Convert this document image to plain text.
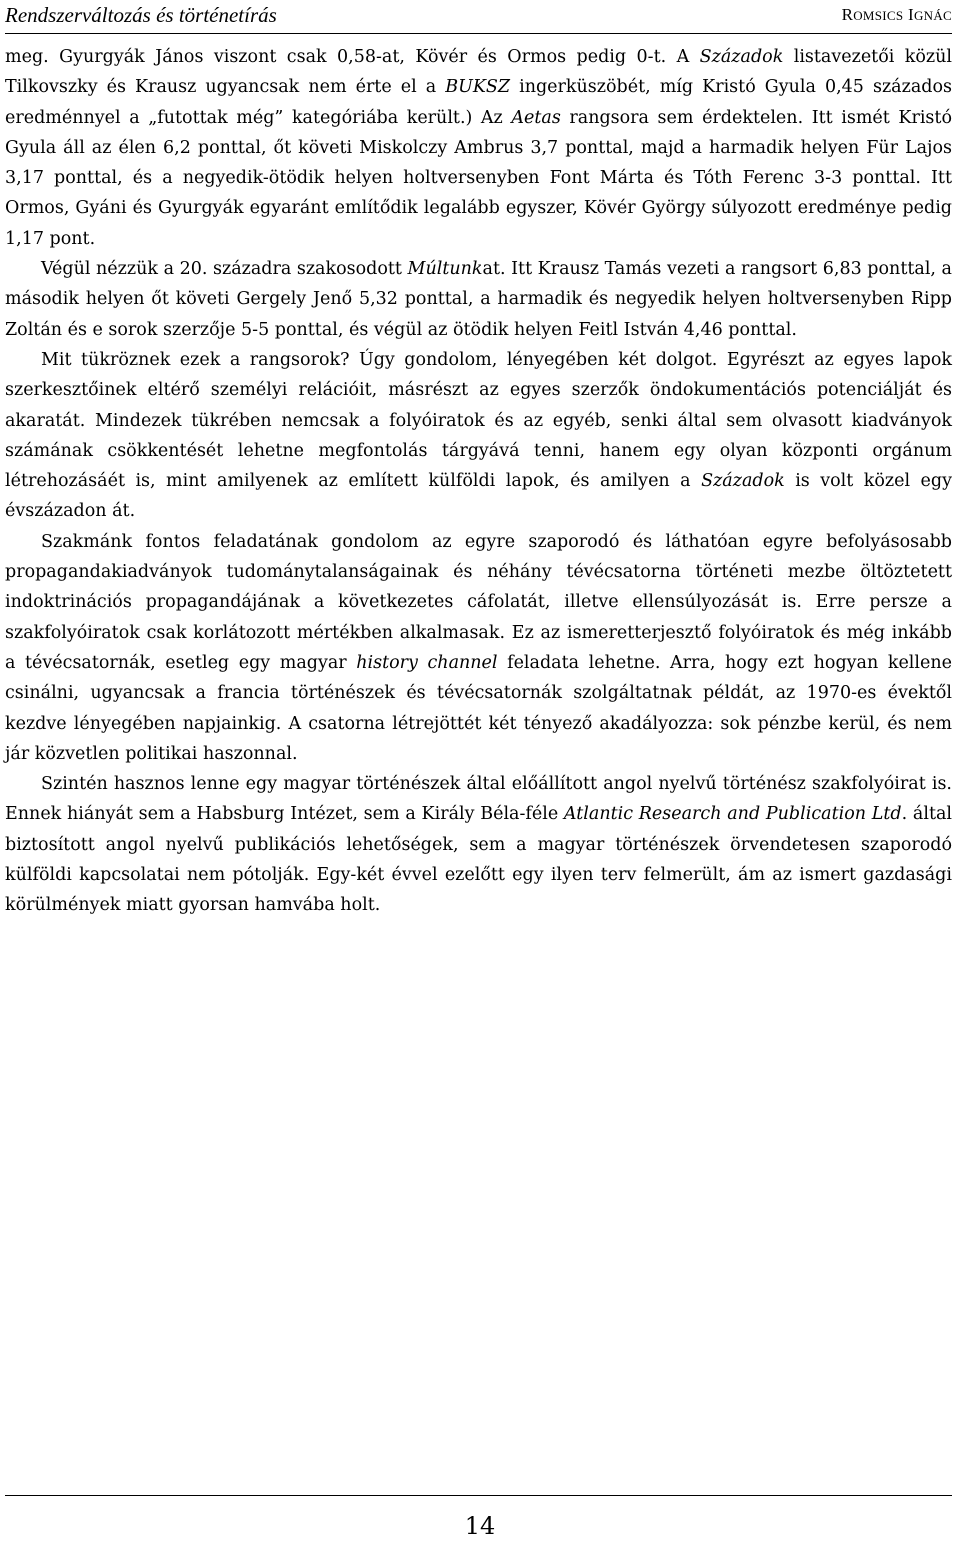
Rendszerváltozás és történetírás	ROMSICS IGNÁC

meg. Gyurgyák János viszont csak 0,58-at, Kövér és Ormos pedig 0-t. A Századok listavezetői közül Tilkovszky és Krausz ugyancsak nem érte el a BUKSZ ingerküszöbét, míg Kristó Gyula 0,45 százados eredménnyel a „futottak még” kategóriába került.) Az Aetas rangsora sem érdektelen. Itt ismét Kristó Gyula áll az élen 6,2 ponttal, őt követi Miskolczy Ambrus 3,7 ponttal, majd a harmadik helyen Für Lajos 3,17 ponttal, és a negyedik-ötödik helyen holtversenyben Font Márta és Tóth Ferenc 3-3 ponttal. Itt Ormos, Gyáni és Gyurgyák egyaránt említődik legalább egyszer, Kövér György súlyozott eredménye pedig 1,17 pont.

Végül nézzük a 20. századra szakosodott Múltunkat. Itt Krausz Tamás vezeti a rangsort 6,83 ponttal, a második helyen őt követi Gergely Jenő 5,32 ponttal, a harmadik és negyedik helyen holtversenyben Ripp Zoltán és e sorok szerzője 5-5 ponttal, és végül az ötödik helyen Feitl István 4,46 ponttal.

Mit tükröznek ezek a rangsorok? Úgy gondolom, lényegében két dolgot. Egyrészt az egyes lapok szerkesztőinek eltérő személyi relációit, másrészt az egyes szerzők öndokumentációs potenciálját és akaratát. Mindezek tükrében nemcsak a folyóiratok és az egyéb, senki által sem olvasott kiadványok számának csökkentését lehetne megfontolás tárgyává tenni, hanem egy olyan központi orgánum létrehozásáét is, mint amilyenek az említett külföldi lapok, és amilyen a Századok is volt közel egy évszázadon át.

Szakmánk fontos feladatának gondolom az egyre szaporodó és láthatóan egyre befolyásosabb propagandakiadványok tudománytalanságainak és néhány tévécsatorna történeti mezbe öltöztetett indoktrinációs propagandájának a következetes cáfolatát, illetve ellensúlyozását is. Erre persze a szakfolyóiratok csak korlátozott mértékben alkalmasak. Ez az ismeretterjesztő folyóiratok és még inkább a tévécsatornák, esetleg egy magyar history channel feladata lehetne. Arra, hogy ezt hogyan kellene csinálni, ugyancsak a francia történészek és tévécsatornák szolgáltatnak példát, az 1970-es évektől kezdve lényegében napjainkig. A csatorna létrejöttét két tényező akadályozza: sok pénzbe kerül, és nem jár közvetlen politikai haszonnal.

Szintén hasznos lenne egy magyar történészek által előállított angol nyelvű történész szakfolyóirat is. Ennek hiányát sem a Habsburg Intézet, sem a Király Béla-féle Atlantic Research and Publication Ltd. által biztosított angol nyelvű publikációs lehetőségek, sem a magyar történészek örvendetesen szaporodó külföldi kapcsolatai nem pótolják. Egy-két évvel ezelőtt egy ilyen terv felmerült, ám az ismert gazdasági körülmények miatt gyorsan hamvába holt.

14
